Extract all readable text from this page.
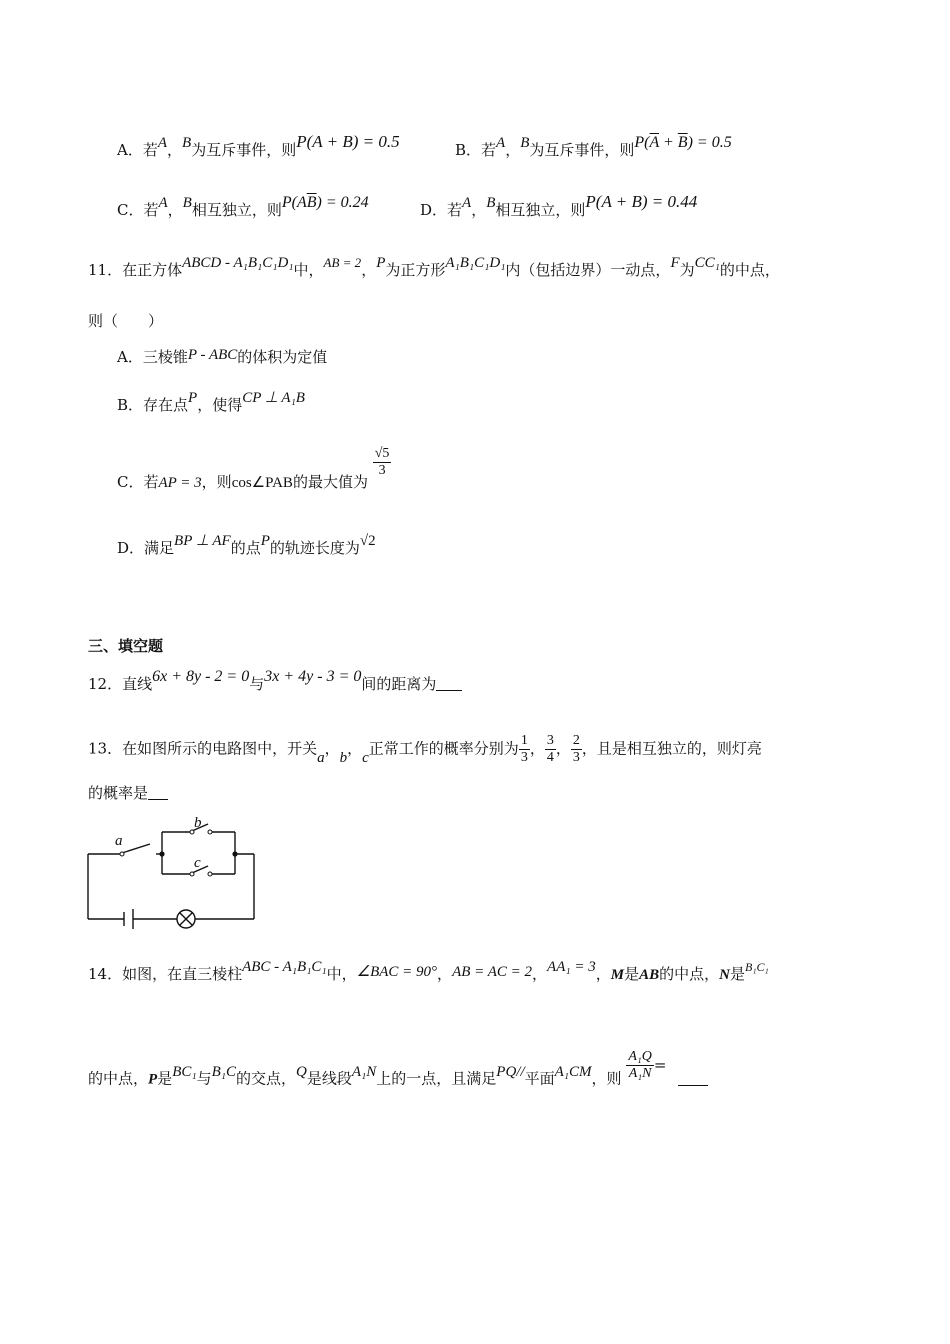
A．若A，B为互斥事件，则P(A + B) = 0.5	B．若A，B为互斥事件，则$P(\overline{A} + \overline{B}) = 0.5$
C．若A，B相互独立，则$P(A\overline{B}) = 0.24$	D．若A，B相互独立，则P(A + B) = 0.44
11．在正方体ABCD - A₁B₁C₁D₁中，AB = 2，P为正方形A₁B₁C₁D₁内（包括边界）一动点，F为CC₁的中点，
则（　　）
A．三棱锥P - ABC的体积为定值
B．存在点P，使得CP ⊥ A₁B
C．若AP = 3，则cos∠PAB的最大值为
$\frac{√5}{3}$
D．满足BP ⊥ AF的点P的轨迹长度为√2
三、填空题
12．直线6x + 8y - 2 = 0与3x + 4y - 3 = 0间的距离为
13．在如图所示的电路图中，开关a，b，c正常工作的概率分别为 $\frac{1}{3}$ ， $\frac{3}{4}$ ， $\frac{2}{3}$ ，且是相互独立的，则灯亮
的概率是
a
b
c
14．如图，在直三棱柱ABC - A₁B₁C₁中，∠BAC = 90°，AB = AC = 2，AA₁ = 3，M是AB的中点，N是$^{B_1C_1}$
的中点，P是BC₁与B₁C的交点，Q是线段A₁N上的一点，且满足PQ//平面A₁CM，则 $\frac{\text{A₁Q}}{\text{A₁N}}$ =
